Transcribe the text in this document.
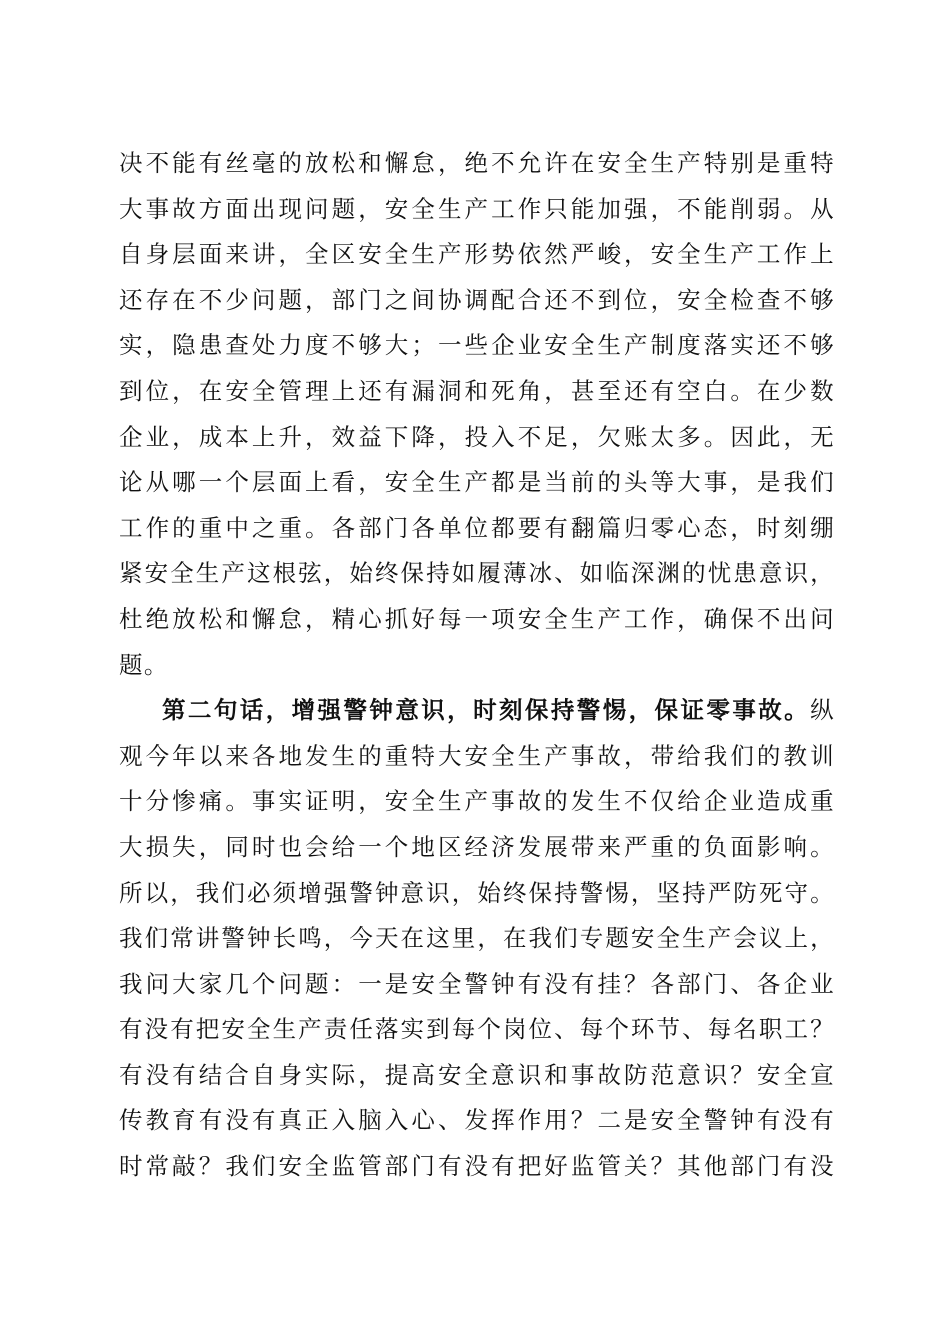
决不能有丝毫的放松和懈怠，绝不允许在安全生产特别是重特
大事故方面出现问题，安全生产工作只能加强，不能削弱。从
自身层面来讲，全区安全生产形势依然严峻，安全生产工作上
还存在不少问题，部门之间协调配合还不到位，安全检查不够
实，隐患查处力度不够大；一些企业安全生产制度落实还不够
到位，在安全管理上还有漏洞和死角，甚至还有空白。在少数
企业，成本上升，效益下降，投入不足，欠账太多。因此，无
论从哪一个层面上看，安全生产都是当前的头等大事，是我们
工作的重中之重。各部门各单位都要有翻篇归零心态，时刻绷
紧安全生产这根弦，始终保持如履薄冰、如临深渊的忧患意识，
杜绝放松和懈怠，精心抓好每一项安全生产工作，确保不出问
题。
第二句话，增强警钟意识，时刻保持警惕，保证零事故。纵
观今年以来各地发生的重特大安全生产事故，带给我们的教训
十分惨痛。事实证明，安全生产事故的发生不仅给企业造成重
大损失，同时也会给一个地区经济发展带来严重的负面影响。
所以，我们必须增强警钟意识，始终保持警惕，坚持严防死守。
我们常讲警钟长鸣，今天在这里，在我们专题安全生产会议上，
我问大家几个问题：一是安全警钟有没有挂？各部门、各企业
有没有把安全生产责任落实到每个岗位、每个环节、每名职工？
有没有结合自身实际，提高安全意识和事故防范意识？安全宣
传教育有没有真正入脑入心、发挥作用？二是安全警钟有没有
时常敲？我们安全监管部门有没有把好监管关？其他部门有没
